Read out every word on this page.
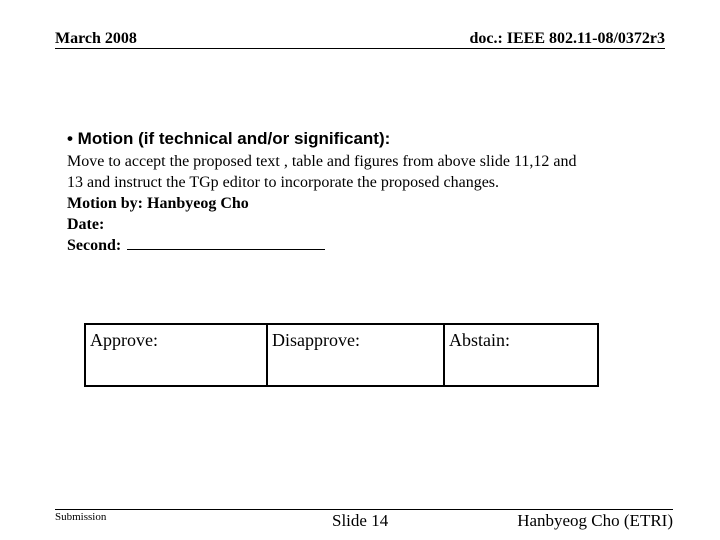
March 2008	doc.: IEEE 802.11-08/0372r3
• Motion (if technical and/or significant):
Move to accept the proposed text , table and figures from above slide 11,12 and
13 and instruct the TGp editor to incorporate the proposed changes.
Motion by: Hanbyeog Cho
Date:
Second:
Approve:	Disapprove:	Abstain:
Submission	Slide 14	Hanbyeog Cho (ETRI)
